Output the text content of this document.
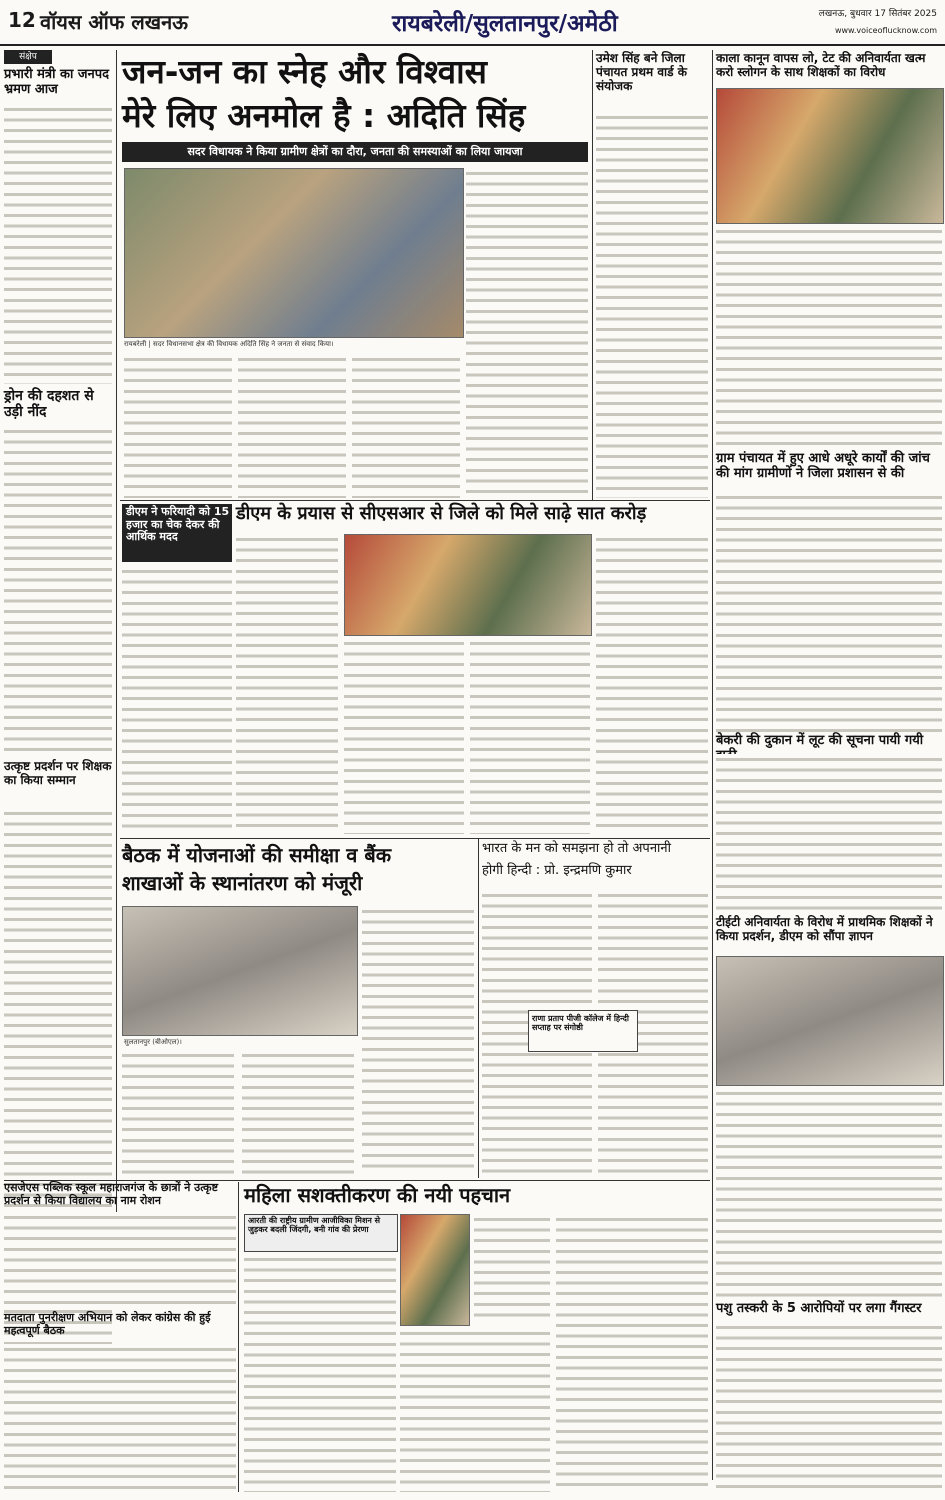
12 वॉयस ऑफ लखनऊ	रायबरेली/सुलतानपुर/अमेठी	लखनऊ, बुधवार 17 सितंबर 2025
www.voiceoflucknow.com
संक्षेप
प्रभारी मंत्री का जनपद भ्रमण आज
ड्रोन की दहशत से उड़ी नींद
उत्कृष्ट प्रदर्शन पर शिक्षक का किया सम्मान
जन-जन का स्नेह और विश्वास
मेरे लिए अनमोल है : अदिति सिंह
सदर विधायक ने किया ग्रामीण क्षेत्रों का दौरा, जनता की समस्याओं का लिया जायजा
रायबरेली | सदर विधानसभा क्षेत्र की विधायक अदिति सिंह ने जनता से संवाद किया।
उमेश सिंह बने जिला पंचायत प्रथम वार्ड के संयोजक
काला कानून वापस लो, टेट की अनिवार्यता खत्म करो स्लोगन के साथ शिक्षकों का विरोध
ग्राम पंचायत में हुए आधे अधूरे कार्यों की जांच की मांग ग्रामीणों ने जिला प्रशासन से की
बेकरी की दुकान में लूट की सूचना पायी गयी
टीईटी अनिवार्यता के विरोध में प्राथमिक शिक्षकों ने किया प्रदर्शन, डीएम को सौंपा ज्ञापन
पशु तस्करी के 5 आरोपियों पर लगा गैंगस्टर
डीएम के प्रयास से सीएसआर से जिले को मिले साढ़े सात करोड़
डीएम ने फरियादी को 15 हजार का चेक देकर की आर्थिक मदद
बैठक में योजनाओं की समीक्षा व बैंक
शाखाओं के स्थानांतरण को मंजूरी
सुलतानपुर (बीओएल)।
भारत के मन को समझना हो तो अपनानी
होगी हिन्दी : प्रो. इन्द्रमणि कुमार
राणा प्रताप पीजी कॉलेज में हिन्दी सप्ताह पर संगोष्ठी
एसजेएस पब्लिक स्कूल महाराजगंज के छात्रों ने उत्कृष्ट प्रदर्शन से किया विद्यालय का नाम रोशन
मतदाता पुनरीक्षण अभियान को लेकर कांग्रेस की हुई महत्वपूर्ण बैठक
महिला सशक्तीकरण की नयी पहचान
आरती की राष्ट्रीय ग्रामीण आजीविका मिशन से जुड़कर बदली जिंदगी, बनी गांव की प्रेरणा
